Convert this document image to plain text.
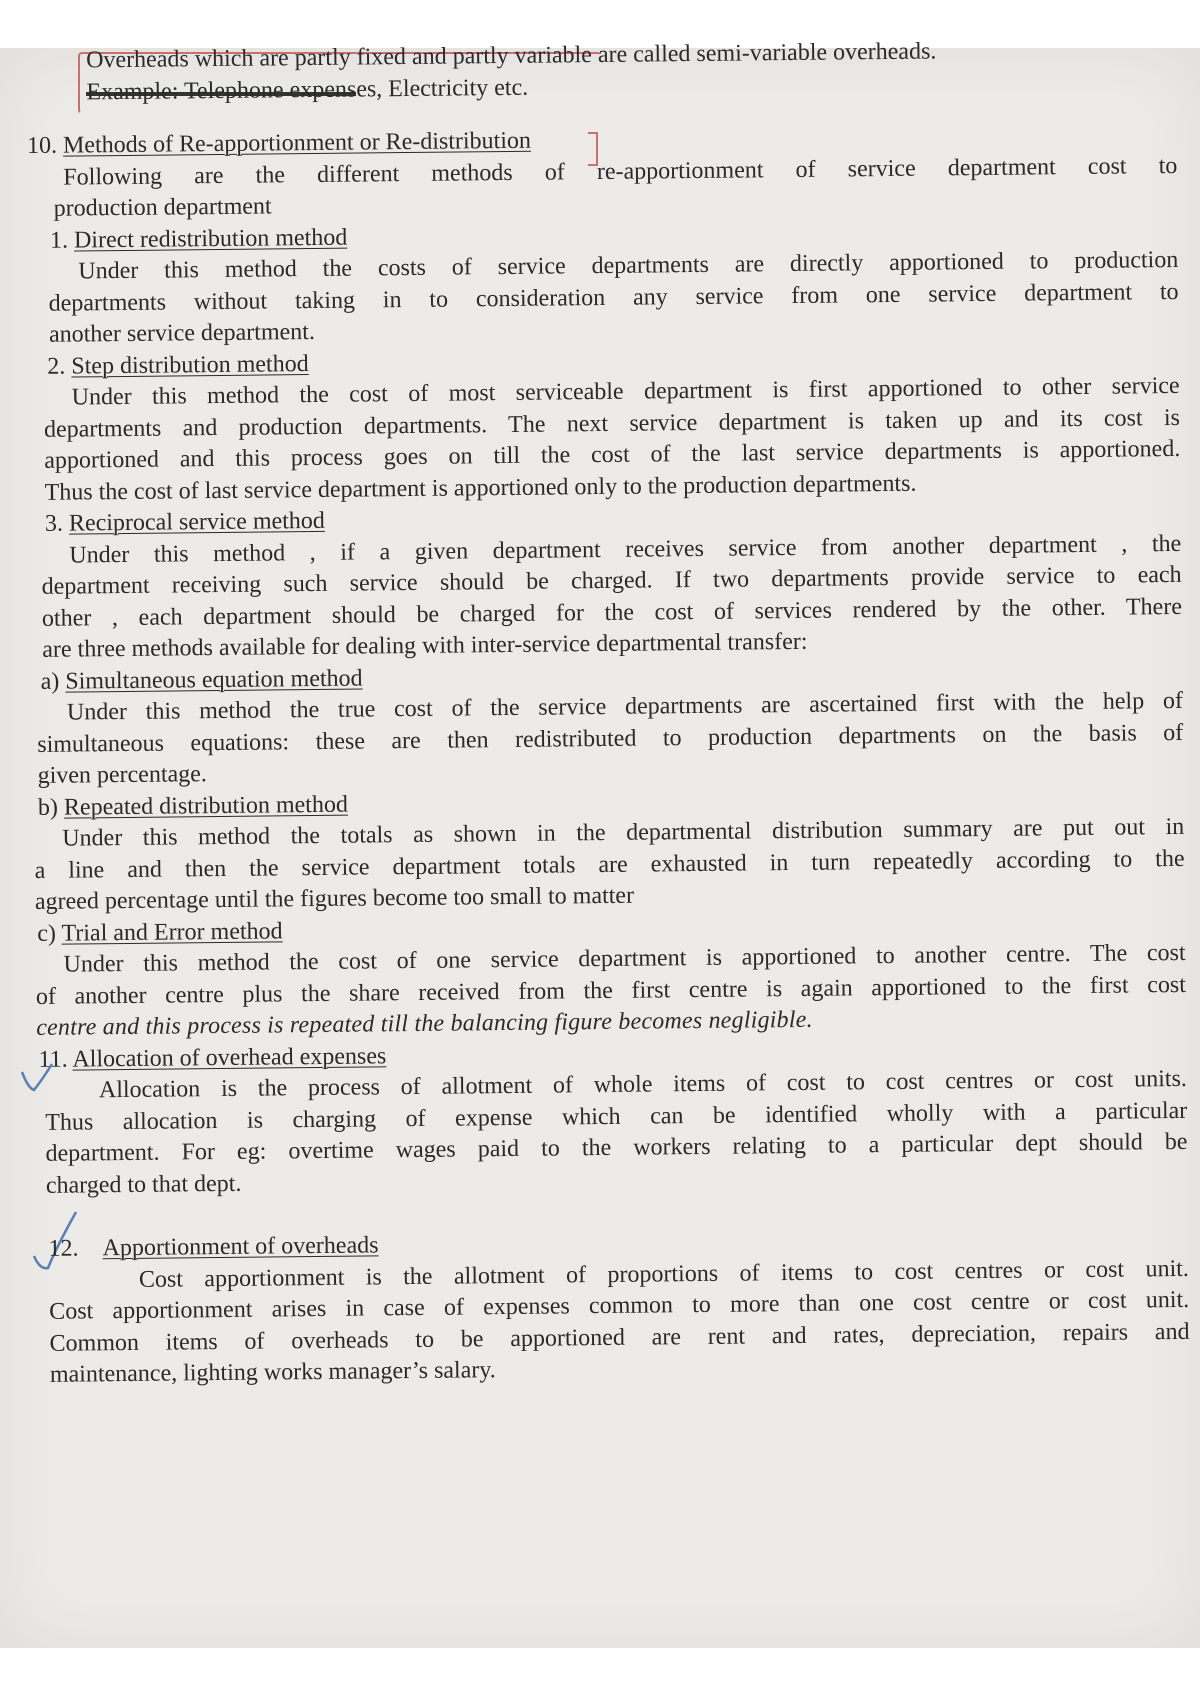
Overheads which are partly fixed and partly variable are called semi-variable overheads.

Example: Telephone expenses, Electricity etc.

10. Methods of Re-apportionment or Re-distribution

Following are the different methods of re-apportionment of service department cost to

production department

1. Direct redistribution method

Under this method the costs of service departments are directly apportioned to production

departments without taking in to consideration any service from one service department to

another service department.

2. Step distribution method

Under this method the cost of most serviceable department is first apportioned to other service

departments and production departments. The next service department is taken up and its cost is

apportioned and this process goes on till the cost of the last service departments is apportioned.

Thus the cost of last service department is apportioned only to the production departments.

3. Reciprocal service method

Under this method , if a given department receives service from another department , the

department receiving such service should be charged. If two departments provide service to each

other , each department should be charged for the cost of services rendered by the other. There

are three methods available for dealing with inter-service departmental transfer:

a) Simultaneous equation method

Under this method the true cost of the service departments are ascertained first with the help of

simultaneous equations: these are then redistributed to production departments on the basis of

given percentage.

b) Repeated distribution method

Under this method the totals as shown in the departmental distribution summary are put out in

a line and then the service department totals are exhausted in turn repeatedly according to the

agreed percentage until the figures become too small to matter

c) Trial and Error method

Under this method the cost of one service department is apportioned to another centre. The cost

of another centre plus the share received from the first centre is again apportioned to the first cost

centre and this process is repeated till the balancing figure becomes negligible.

11. Allocation of overhead expenses

Allocation is the process of allotment of whole items of cost to cost centres or cost units.

Thus allocation is charging of expense which can be identified wholly with a particular

department. For eg: overtime wages paid to the workers relating to a particular dept should be

charged to that dept.

12. Apportionment of overheads

Cost apportionment is the allotment of proportions of items to cost centres or cost unit.

Cost apportionment arises in case of expenses common to more than one cost centre or cost unit.

Common items of overheads to be apportioned are rent and rates, depreciation, repairs and

maintenance, lighting works manager’s salary.
